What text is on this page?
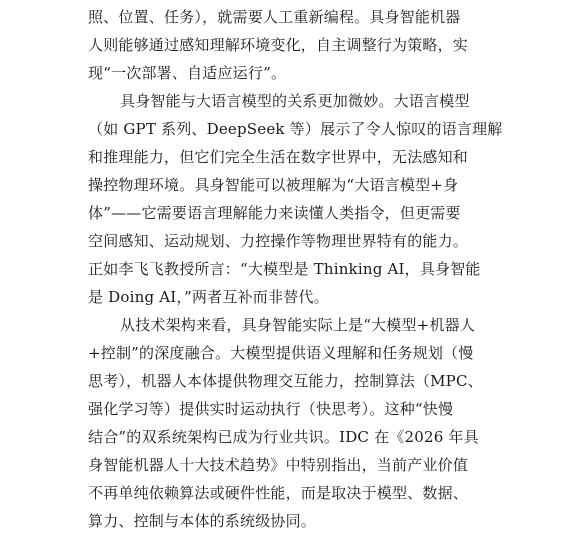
照、位置、任务），就需要人工重新编程。具身智能机器
人则能够通过感知理解环境变化，自主调整行为策略，实
现“一次部署、自适应运行”。
具身智能与大语言模型的关系更加微妙。大语言模型
（如 GPT 系列、DeepSeek 等）展示了令人惊叹的语言理解
和推理能力，但它们完全生活在数字世界中，无法感知和
操控物理环境。具身智能可以被理解为“大语言模型+身
体”——它需要语言理解能力来读懂人类指令，但更需要
空间感知、运动规划、力控操作等物理世界特有的能力。
正如李飞飞教授所言：“大模型是 Thinking AI，具身智能
是 Doing AI，”两者互补而非替代。
从技术架构来看，具身智能实际上是“大模型+机器人
+控制”的深度融合。大模型提供语义理解和任务规划（慢
思考），机器人本体提供物理交互能力，控制算法（MPC、
强化学习等）提供实时运动执行（快思考）。这种“快慢
结合”的双系统架构已成为行业共识。IDC 在《2026 年具
身智能机器人十大技术趋势》中特别指出，当前产业价值
不再单纯依赖算法或硬件性能，而是取决于模型、数据、
算力、控制与本体的系统级协同。
